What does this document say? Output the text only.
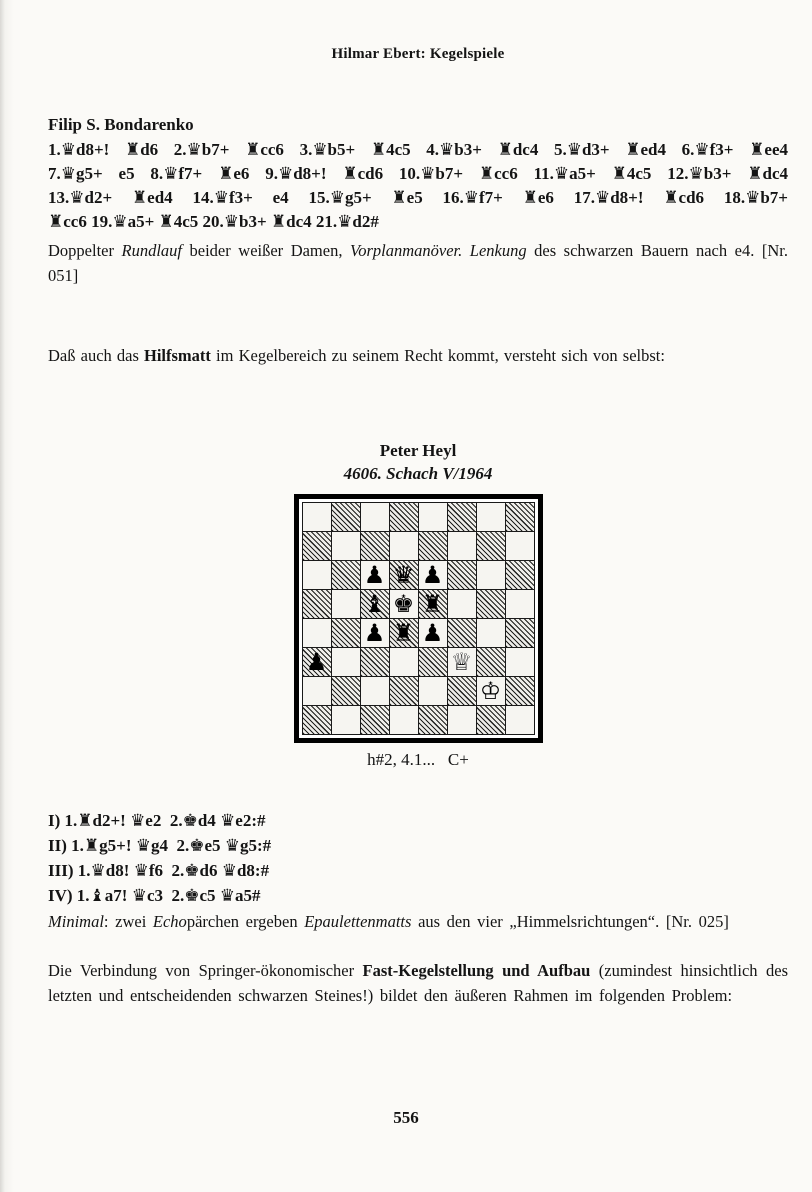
Hilmar Ebert: Kegelspiele
Filip S. Bondarenko
1.♛d8+! ♜d6 2.♛b7+ ♜cc6 3.♛b5+ ♜4c5 4.♛b3+ ♜dc4 5.♛d3+ ♜ed4 6.♛f3+ ♜ee4
7.♛g5+ e5 8.♛f7+ ♜e6 9.♛d8+! ♜cd6 10.♛b7+ ♜cc6 11.♛a5+ ♜4c5 12.♛b3+ ♜dc4
13.♛d2+ ♜ed4 14.♛f3+ e4 15.♛g5+ ♜e5 16.♛f7+ ♜e6 17.♛d8+! ♜cd6 18.♛b7+
♜cc6 19.♛a5+ ♜4c5 20.♛b3+ ♜dc4 21.♛d2#
Doppelter Rundlauf beider weißer Damen, Vorplanmanöver. Lenkung des schwarzen Bauern nach e4. [Nr. 051]
Daß auch das Hilfsmatt im Kegelbereich zu seinem Recht kommt, versteht sich von selbst:
Peter Heyl
4606. Schach V/1964
♟ ♛ ♟
♝ ♚ ♜
♟ ♜ ♟
♟	♕
♔
h#2, 4.1...   C+
I) 1.♜d2+! ♛e2  2.♚d4 ♛e2:#
II) 1.♜g5+! ♛g4  2.♚e5 ♛g5:#
III) 1.♛d8! ♛f6  2.♚d6 ♛d8:#
IV) 1.♝a7! ♛c3  2.♚c5 ♛a5#
Minimal: zwei Echopärchen ergeben Epaulettenmatts aus den vier „Himmelsrichtungen“. [Nr. 025]
Die Verbindung von Springer-ökonomischer Fast-Kegelstellung und Aufbau (zumindest hinsichtlich des letzten und entscheidenden schwarzen Steines!) bildet den äußeren Rahmen im folgenden Problem:
556
